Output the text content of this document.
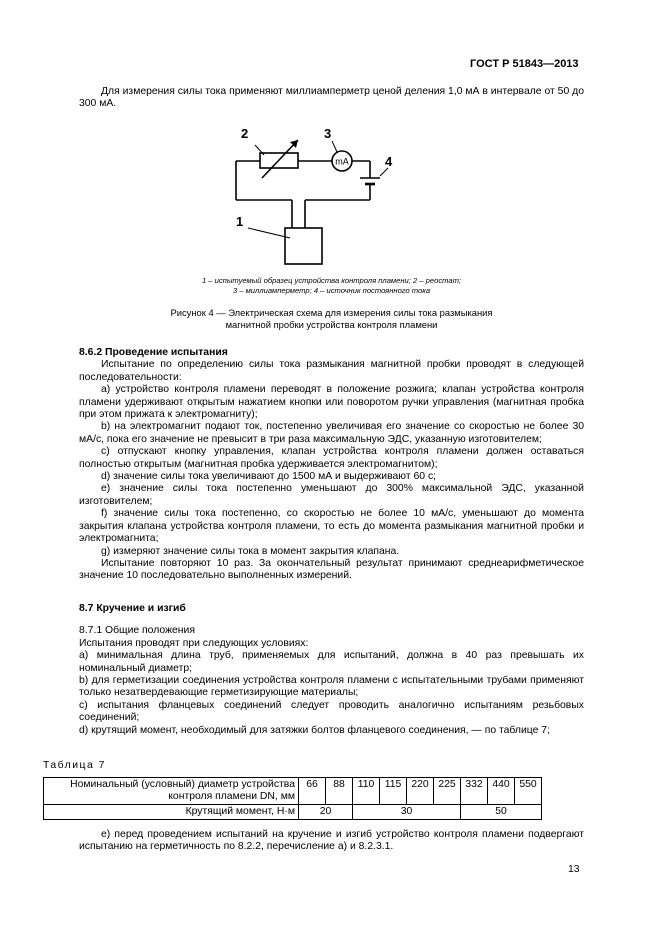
ГОСТ Р 51843—2013

Для измерения силы тока применяют миллиамперметр ценой деления 1,0 мА в интервале от 50 до 300 мА.

2	3
4
1
mA
1 – испытуемый образец устройства контроля пламени; 2 – реостат;
3 – миллиамперметр; 4 – источник постоянного тока
Рисунок 4 — Электрическая схема для измерения силы тока размыкания
магнитной пробки устройства контроля пламени

8.6.2 Проведение испытания

Испытание по определению силы тока размыкания магнитной пробки проводят в следующей последовательности:

a) устройство контроля пламени переводят в положение розжига; клапан устройства контроля пламени удерживают открытым нажатием кнопки или поворотом ручки управления (магнитная пробка при этом прижата к электромагниту);

b) на электромагнит подают ток, постепенно увеличивая его значение со скоростью не более 30 мА/с, пока его значение не превысит в три раза максимальную ЭДС, указанную изготовителем;

c) отпускают кнопку управления, клапан устройства контроля пламени должен оставаться полностью открытым (магнитная пробка удерживается электромагнитом);

d) значение силы тока увеличивают до 1500 мА и выдерживают 60 с;

e) значение силы тока постепенно уменьшают до 300% максимальной ЭДС, указанной изготовителем;

f) значение силы тока постепенно, со скоростью не более 10 мА/с, уменьшают до момента закрытия клапана устройства контроля пламени, то есть до момента размыкания магнитной пробки и электромагнита;

g) измеряют значение силы тока в момент закрытия клапана.

Испытание повторяют 10 раз. За окончательный результат принимают среднеарифметическое значение 10 последовательно выполненных измерений.

8.7 Кручение и изгиб

8.7.1 Общие положения

Испытания проводят при следующих условиях:

а) минимальная длина труб, применяемых для испытаний, должна в 40 раз превышать их номинальный диаметр;

b) для герметизации соединения устройства контроля пламени с испытательными трубами применяют только незатвердевающие герметизирующие материалы;

c) испытания фланцевых соединений следует проводить аналогично испытаниям резьбовых соединений;

d) крутящий момент, необходимый для затяжки болтов фланцевого соединения, — по таблице 7;

Таблица 7
Номинальный (условный) диаметр устройства контроля пламени DN, мм	66	88	110	115	220	225	332	440	550
Крутящий момент, Н·м	20		30				50		

е) перед проведением испытаний на кручение и изгиб устройство контроля пламени подвергают испытанию на герметичность по 8.2.2, перечисление а) и 8.2.3.1.

13
